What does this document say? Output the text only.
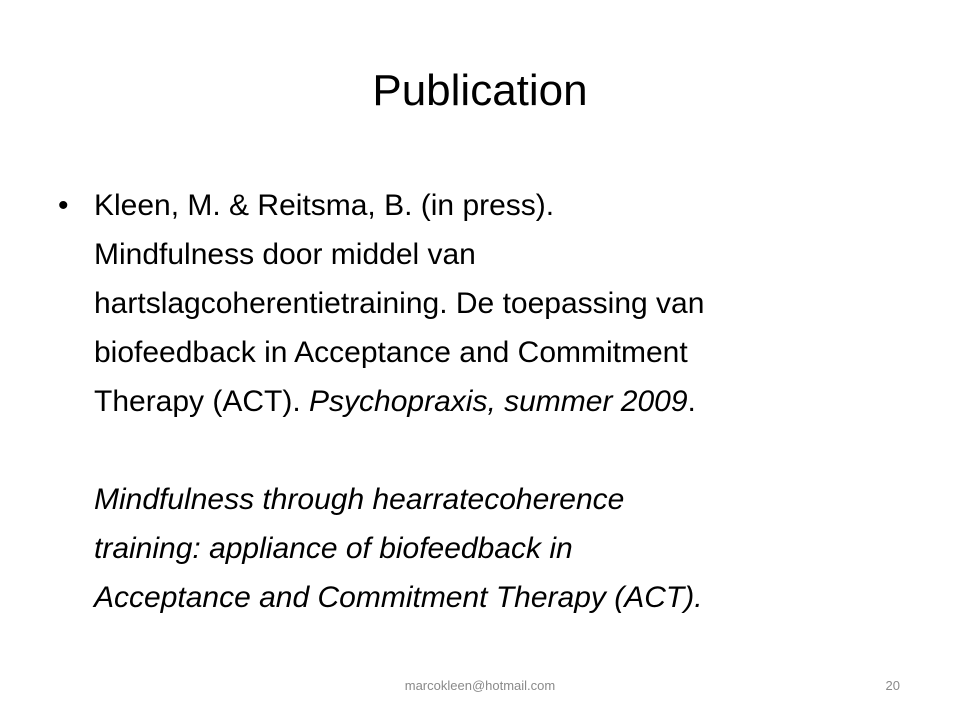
Publication
• Kleen, M. & Reitsma, B. (in press).
Mindfulness door middel van
hartslagcoherentietraining. De toepassing van
biofeedback in Acceptance and Commitment
Therapy (ACT). Psychopraxis, summer 2009.
Mindfulness through hearratecoherence
training: appliance of biofeedback in
Acceptance and Commitment Therapy (ACT).
marcokleen@hotmail.com	20
